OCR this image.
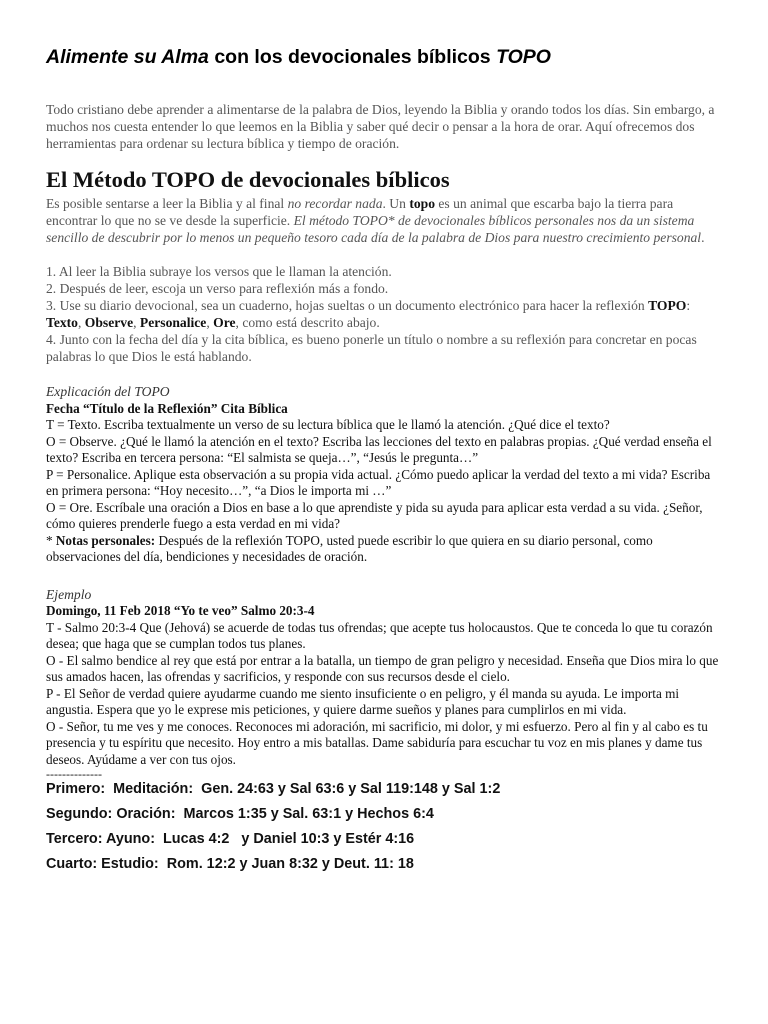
Alimente su Alma con los devocionales bíblicos TOPO

Todo cristiano debe aprender a alimentarse de la palabra de Dios, leyendo la Biblia y orando todos los días. Sin embargo, a muchos nos cuesta entender lo que leemos en la Biblia y saber qué decir o pensar a la hora de orar. Aquí ofrecemos dos herramientas para ordenar su lectura bíblica y tiempo de oración.

El Método TOPO de devocionales bíblicos

Es posible sentarse a leer la Biblia y al final no recordar nada. Un topo es un animal que escarba bajo la tierra para encontrar lo que no se ve desde la superficie. El método TOPO* de devocionales bíblicos personales nos da un sistema sencillo de descubrir por lo menos un pequeño tesoro cada día de la palabra de Dios para nuestro crecimiento personal.

1. Al leer la Biblia subraye los versos que le llaman la atención.

2. Después de leer, escoja un verso para reflexión más a fondo.

3. Use su diario devocional, sea un cuaderno, hojas sueltas o un documento electrónico para hacer la reflexión TOPO: Texto, Observe, Personalice, Ore, como está descrito abajo.

4. Junto con la fecha del día y la cita bíblica, es bueno ponerle un título o nombre a su reflexión para concretar en pocas palabras lo que Dios le está hablando.

Explicación del TOPO

Fecha “Título de la Reflexión” Cita Bíblica

T = Texto. Escriba textualmente un verso de su lectura bíblica que le llamó la atención. ¿Qué dice el texto?

O = Observe. ¿Qué le llamó la atención en el texto? Escriba las lecciones del texto en palabras propias. ¿Qué verdad enseña el texto? Escriba en tercera persona: “El salmista se queja…”, “Jesús le pregunta…”

P = Personalice. Aplique esta observación a su propia vida actual. ¿Cómo puedo aplicar la verdad del texto a mi vida? Escriba en primera persona: “Hoy necesito…”, “a Dios le importa mi …”

O = Ore. Escríbale una oración a Dios en base a lo que aprendiste y pida su ayuda para aplicar esta verdad a su vida. ¿Señor, cómo quieres prenderle fuego a esta verdad en mi vida?

* Notas personales: Después de la reflexión TOPO, usted puede escribir lo que quiera en su diario personal, como observaciones del día, bendiciones y necesidades de oración.

Ejemplo

Domingo, 11 Feb 2018 “Yo te veo” Salmo 20:3-4

T - Salmo 20:3-4 Que (Jehová) se acuerde de todas tus ofrendas; que acepte tus holocaustos. Que te conceda lo que tu corazón desea; que haga que se cumplan todos tus planes.

O - El salmo bendice al rey que está por entrar a la batalla, un tiempo de gran peligro y necesidad. Enseña que Dios mira lo que sus amados hacen, las ofrendas y sacrificios, y responde con sus recursos desde el cielo.

P - El Señor de verdad quiere ayudarme cuando me siento insuficiente o en peligro, y él manda su ayuda. Le importa mi angustia. Espera que yo le exprese mis peticiones, y quiere darme sueños y planes para cumplirlos en mi vida.

O - Señor, tu me ves y me conoces. Reconoces mi adoración, mi sacrificio, mi dolor, y mi esfuerzo. Pero al fin y al cabo es tu presencia y tu espíritu que necesito. Hoy entro a mis batallas. Dame sabiduría para escuchar tu voz en mis planes y dame tus deseos. Ayúdame a ver con tus ojos.

--------------

Primero:  Meditación:  Gen. 24:63 y Sal 63:6 y Sal 119:148 y Sal 1:2

Segundo: Oración:  Marcos 1:35 y Sal. 63:1 y Hechos 6:4

Tercero: Ayuno:  Lucas 4:2   y Daniel 10:3 y Estér 4:16

Cuarto: Estudio:  Rom. 12:2 y Juan 8:32 y Deut. 11: 18
